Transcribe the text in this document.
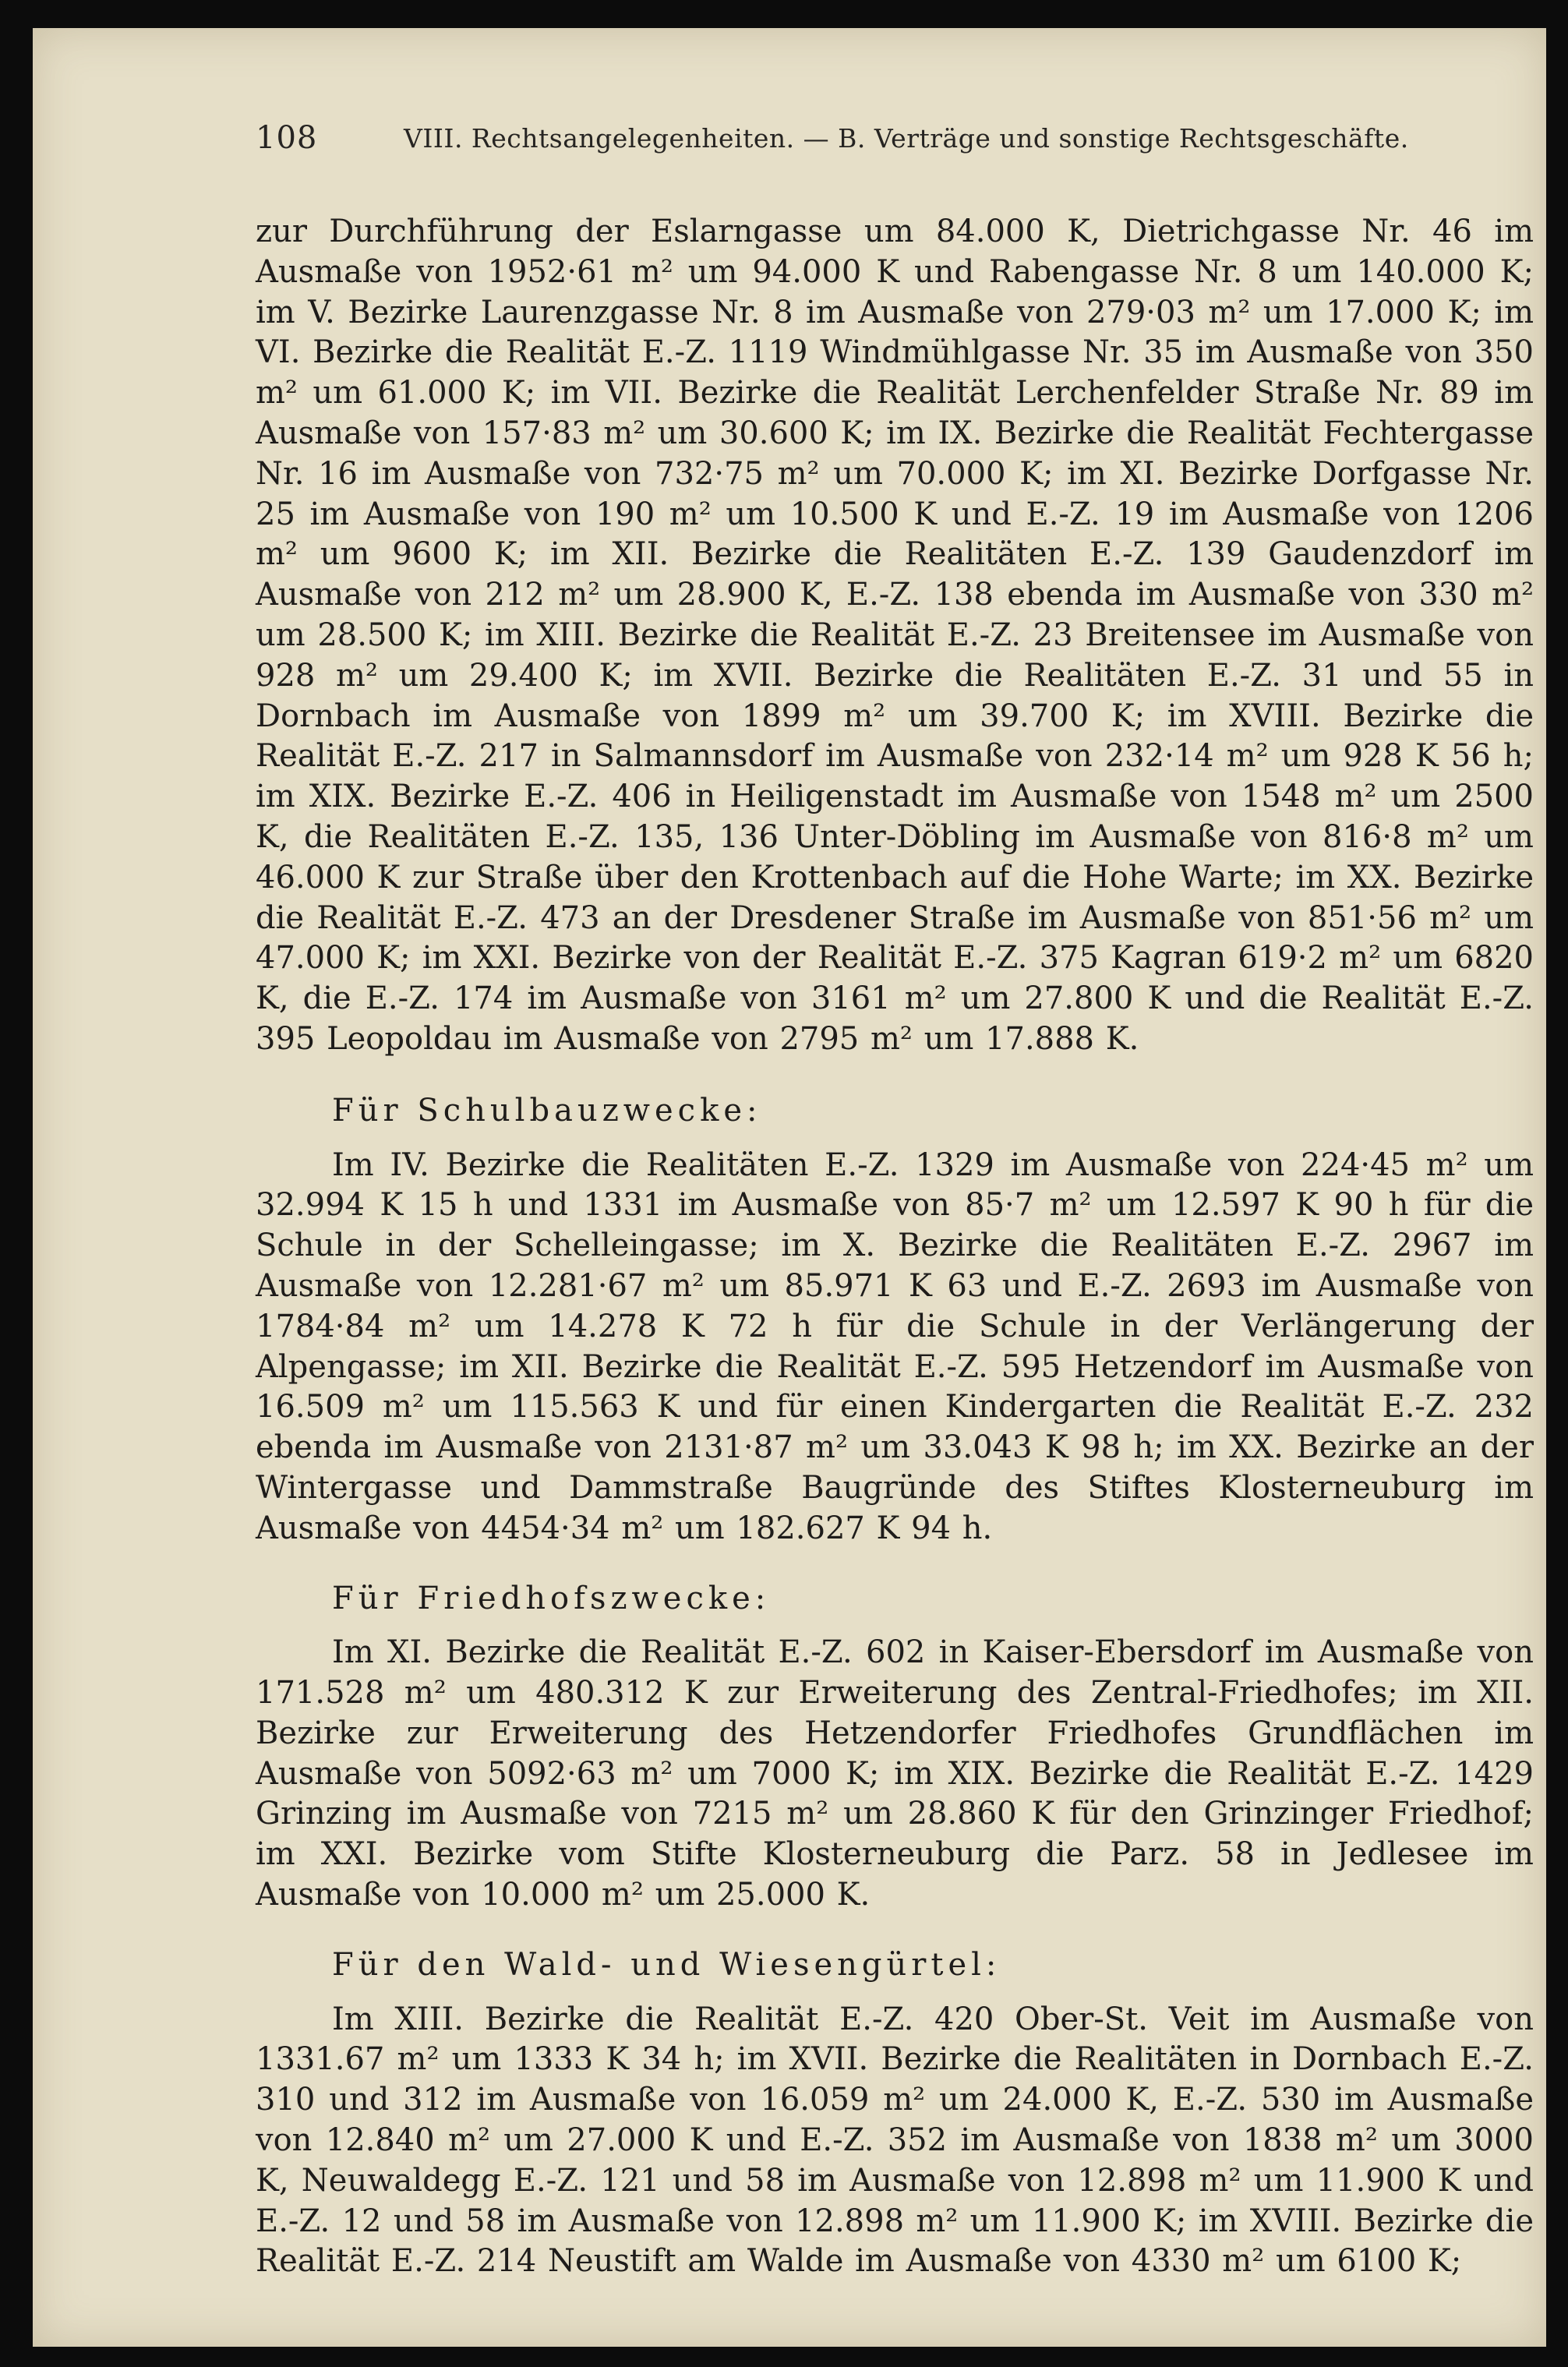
108	VIII. Rechtsangelegenheiten. — B. Verträge und sonstige Rechtsgeschäfte.

zur Durchführung der Eslarngasse um 84.000 K, Dietrichgasse Nr. 46 im Ausmaße von 1952·61 m² um 94.000 K und Rabengasse Nr. 8 um 140.000 K; im V. Bezirke Laurenzgasse Nr. 8 im Ausmaße von 279·03 m² um 17.000 K; im VI. Bezirke die Realität E.-Z. 1119 Windmühlgasse Nr. 35 im Ausmaße von 350 m² um 61.000 K; im VII. Bezirke die Realität Lerchenfelder Straße Nr. 89 im Ausmaße von 157·83 m² um 30.600 K; im IX. Bezirke die Realität Fechtergasse Nr. 16 im Ausmaße von 732·75 m² um 70.000 K; im XI. Bezirke Dorfgasse Nr. 25 im Ausmaße von 190 m² um 10.500 K und E.-Z. 19 im Ausmaße von 1206 m² um 9600 K; im XII. Bezirke die Realitäten E.-Z. 139 Gaudenzdorf im Ausmaße von 212 m² um 28.900 K, E.-Z. 138 ebenda im Ausmaße von 330 m² um 28.500 K; im XIII. Bezirke die Realität E.-Z. 23 Breitensee im Ausmaße von 928 m² um 29.400 K; im XVII. Bezirke die Realitäten E.-Z. 31 und 55 in Dornbach im Ausmaße von 1899 m² um 39.700 K; im XVIII. Bezirke die Realität E.-Z. 217 in Salmannsdorf im Ausmaße von 232·14 m² um 928 K 56 h; im XIX. Bezirke E.-Z. 406 in Heiligenstadt im Ausmaße von 1548 m² um 2500 K, die Realitäten E.-Z. 135, 136 Unter-Döbling im Ausmaße von 816·8 m² um 46.000 K zur Straße über den Krottenbach auf die Hohe Warte; im XX. Bezirke die Realität E.-Z. 473 an der Dresdener Straße im Ausmaße von 851·56 m² um 47.000 K; im XXI. Bezirke von der Realität E.-Z. 375 Kagran 619·2 m² um 6820 K, die E.-Z. 174 im Ausmaße von 3161 m² um 27.800 K und die Realität E.-Z. 395 Leopoldau im Ausmaße von 2795 m² um 17.888 K.

Für Schulbauzwecke:

Im IV. Bezirke die Realitäten E.-Z. 1329 im Ausmaße von 224·45 m² um 32.994 K 15 h und 1331 im Ausmaße von 85·7 m² um 12.597 K 90 h für die Schule in der Schelleingasse; im X. Bezirke die Realitäten E.-Z. 2967 im Ausmaße von 12.281·67 m² um 85.971 K 63 und E.-Z. 2693 im Ausmaße von 1784·84 m² um 14.278 K 72 h für die Schule in der Verlängerung der Alpengasse; im XII. Bezirke die Realität E.-Z. 595 Hetzendorf im Ausmaße von 16.509 m² um 115.563 K und für einen Kindergarten die Realität E.-Z. 232 ebenda im Ausmaße von 2131·87 m² um 33.043 K 98 h; im XX. Bezirke an der Wintergasse und Dammstraße Baugründe des Stiftes Klosterneuburg im Ausmaße von 4454·34 m² um 182.627 K 94 h.

Für Friedhofszwecke:

Im XI. Bezirke die Realität E.-Z. 602 in Kaiser-Ebersdorf im Ausmaße von 171.528 m² um 480.312 K zur Erweiterung des Zentral-Friedhofes; im XII. Bezirke zur Erweiterung des Hetzendorfer Friedhofes Grundflächen im Ausmaße von 5092·63 m² um 7000 K; im XIX. Bezirke die Realität E.-Z. 1429 Grinzing im Ausmaße von 7215 m² um 28.860 K für den Grinzinger Friedhof; im XXI. Bezirke vom Stifte Klosterneuburg die Parz. 58 in Jedlesee im Ausmaße von 10.000 m² um 25.000 K.

Für den Wald- und Wiesengürtel:

Im XIII. Bezirke die Realität E.-Z. 420 Ober-St. Veit im Ausmaße von 1331.67 m² um 1333 K 34 h; im XVII. Bezirke die Realitäten in Dornbach E.-Z. 310 und 312 im Ausmaße von 16.059 m² um 24.000 K, E.-Z. 530 im Ausmaße von 12.840 m² um 27.000 K und E.-Z. 352 im Ausmaße von 1838 m² um 3000 K, Neuwaldegg E.-Z. 121 und 58 im Ausmaße von 12.898 m² um 11.900 K und E.-Z. 12 und 58 im Ausmaße von 12.898 m² um 11.900 K; im XVIII. Bezirke die Realität E.-Z. 214 Neustift am Walde im Ausmaße von 4330 m² um 6100 K;
